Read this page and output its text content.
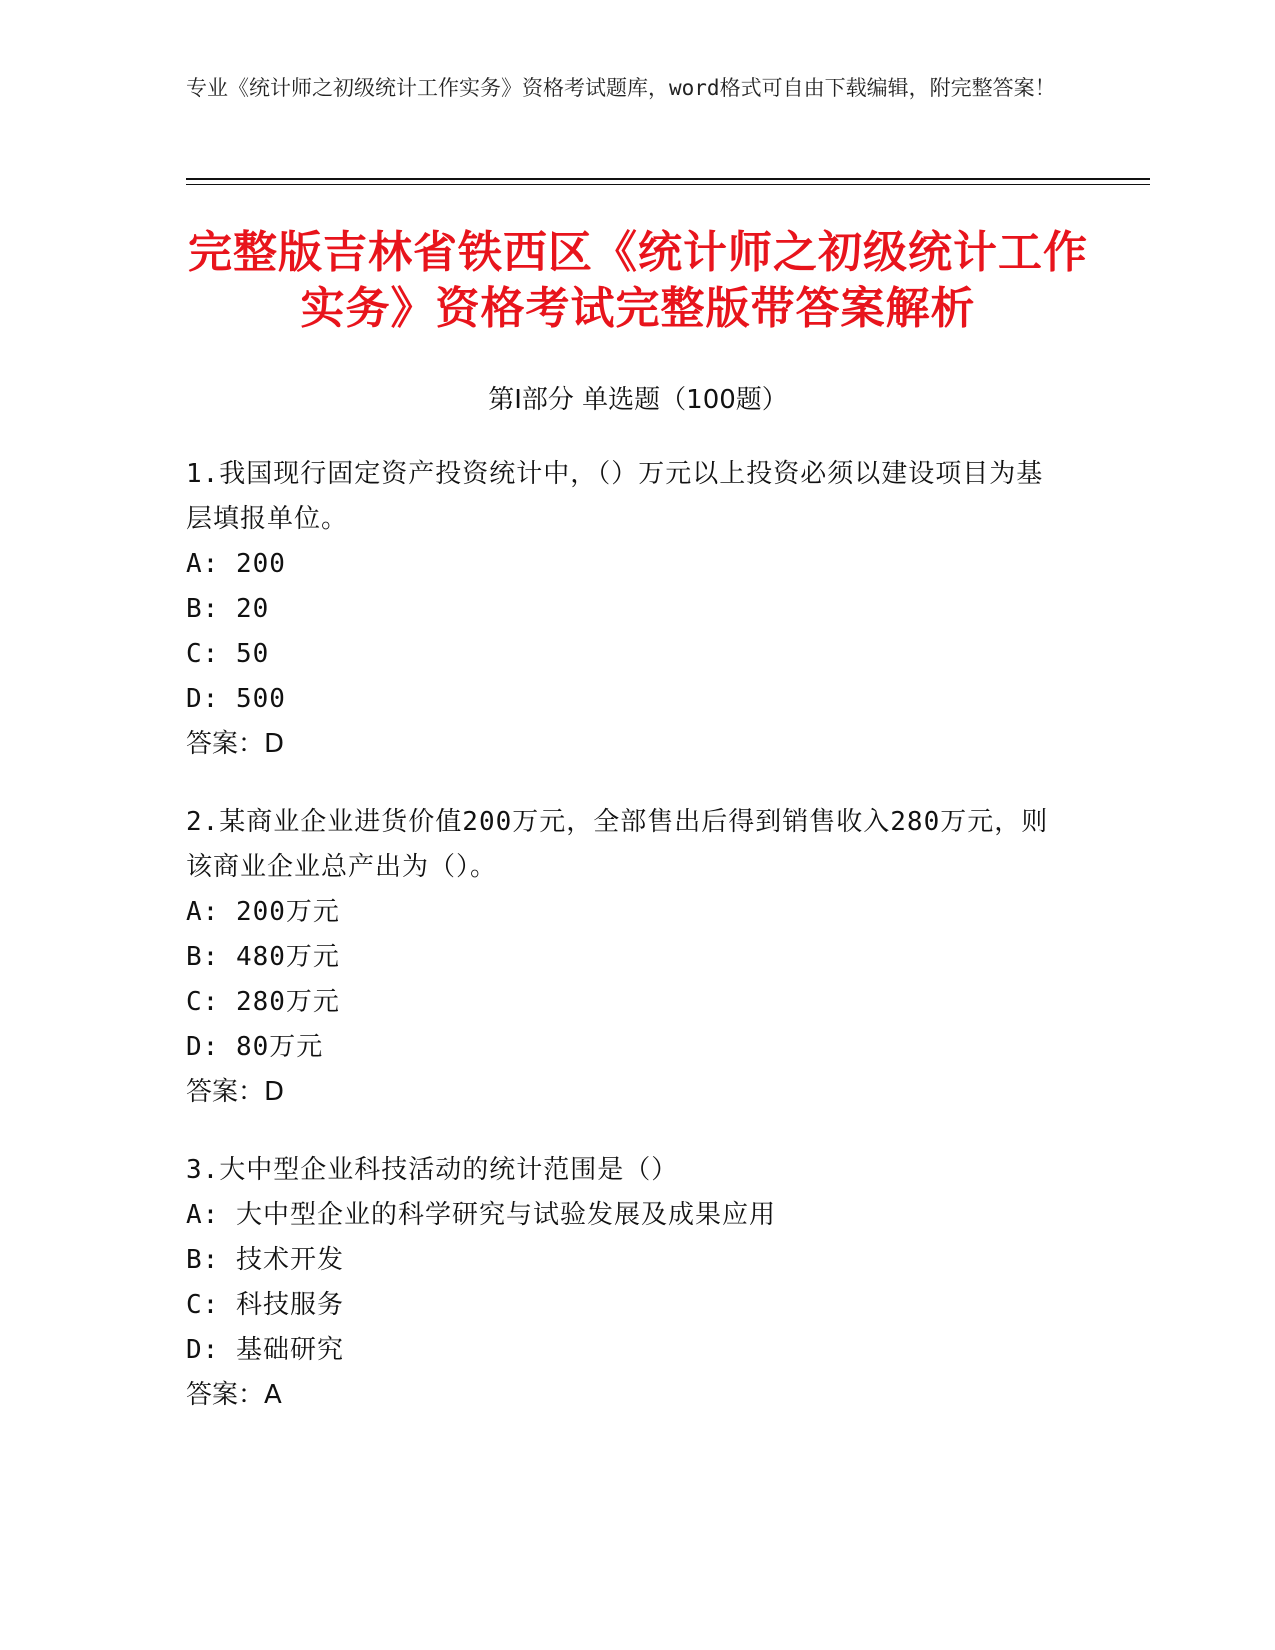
专业《统计师之初级统计工作实务》资格考试题库，word格式可自由下载编辑，附完整答案！
完整版吉林省铁西区《统计师之初级统计工作实务》资格考试完整版带答案解析
第I部分 单选题（100题）
1.我国现行固定资产投资统计中，（）万元以上投资必须以建设项目为基层填报单位。
A: 200
B: 20
C: 50
D: 500
答案：D
2.某商业企业进货价值200万元，全部售出后得到销售收入280万元，则该商业企业总产出为（）。
A: 200万元
B: 480万元
C: 280万元
D: 80万元
答案：D
3.大中型企业科技活动的统计范围是（）
A: 大中型企业的科学研究与试验发展及成果应用
B: 技术开发
C: 科技服务
D: 基础研究
答案：A
